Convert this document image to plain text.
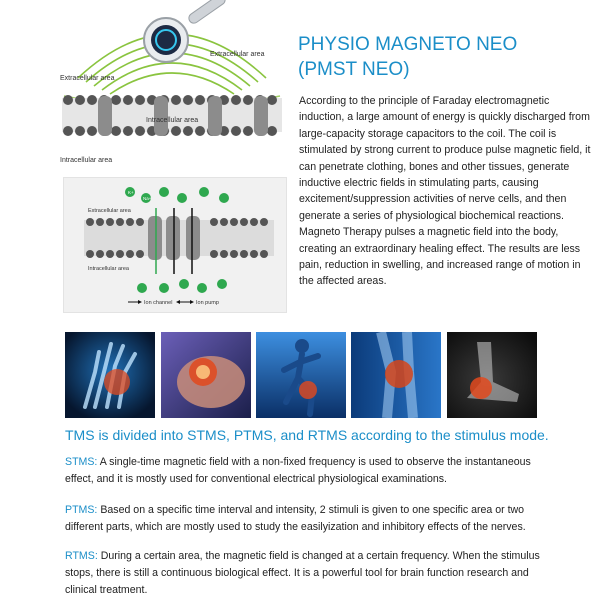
Extracellular area
Extracellular area
Intracellular area
Intracellular area
K+
Na+
Extracellular area
Intracellular area
Ion channel	Ion pump
PHYSIO MAGNETO NEO
(PMST NEO)

According to the principle of Faraday electromagnetic induction, a large amount of energy is quickly discharged from large-capacity storage capacitors to the coil. The coil is stimulated by strong current to produce pulse magnetic field, it can penetrate clothing, bones and other tissues, generate inductive electric fields in stimulating parts, causing excitement/suppression activities of nerve cells, and then generate a series of physiological biochemical reactions.

Magneto Therapy pulses a magnetic field into the body, creating an extraordinary healing effect. The results are less pain, reduction in swelling, and increased range of motion in the affected areas.

TMS is divided into STMS, PTMS, and RTMS according to the stimulus mode.
STMS: A single-time magnetic field with a non-fixed frequency is used to observe the instantaneous effect, and it is mostly used for conventional electrical physiological examinations.
PTMS: Based on a specific time interval and intensity, 2 stimuli is given to one specific area or two different parts, which are mostly used to study the easilyization and inhibitory effects of the nerves.
RTMS: During a certain area, the magnetic field is changed at a certain frequency. When the stimulus stops, there is still a continuous biological effect. It is a powerful tool for brain function research and clinical treatment.
